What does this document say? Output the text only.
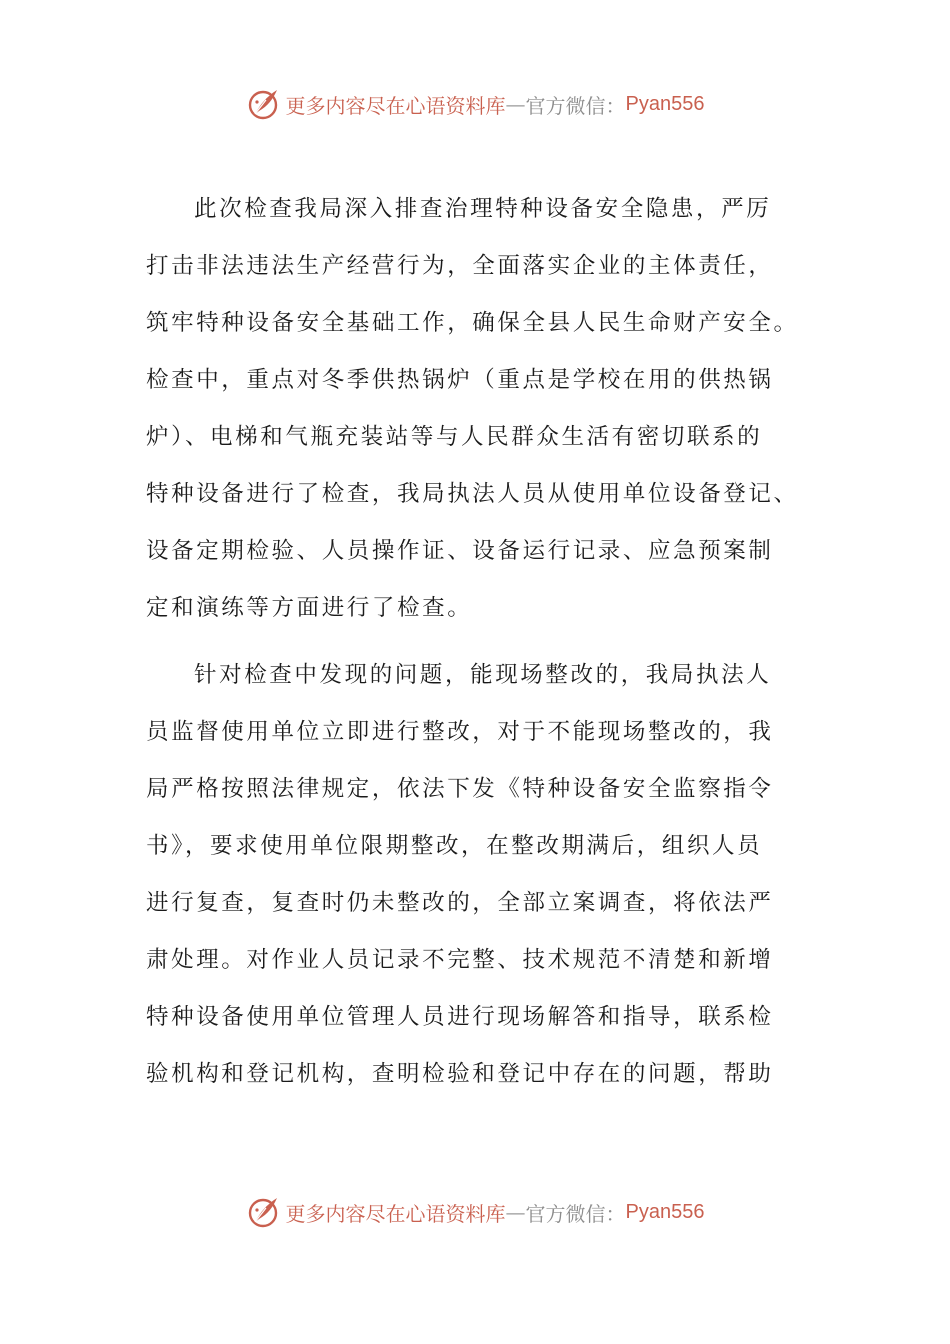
更多内容尽在心语资料库 — 官方微信： Pyan556
此次检查我局深入排查治理特种设备安全隐患，严厉
打击非法违法生产经营行为，全面落实企业的主体责任，
筑牢特种设备安全基础工作，确保全县人民生命财产安全。
检查中，重点对冬季供热锅炉（重点是学校在用的供热锅
炉）、电梯和气瓶充装站等与人民群众生活有密切联系的
特种设备进行了检查，我局执法人员从使用单位设备登记、
设备定期检验、人员操作证、设备运行记录、应急预案制
定和演练等方面进行了检查。
针对检查中发现的问题，能现场整改的，我局执法人
员监督使用单位立即进行整改，对于不能现场整改的，我
局严格按照法律规定，依法下发《特种设备安全监察指令
书》，要求使用单位限期整改，在整改期满后，组织人员
进行复查，复查时仍未整改的，全部立案调查，将依法严
肃处理。对作业人员记录不完整、技术规范不清楚和新增
特种设备使用单位管理人员进行现场解答和指导，联系检
验机构和登记机构，查明检验和登记中存在的问题，帮助
更多内容尽在心语资料库 — 官方微信： Pyan556
